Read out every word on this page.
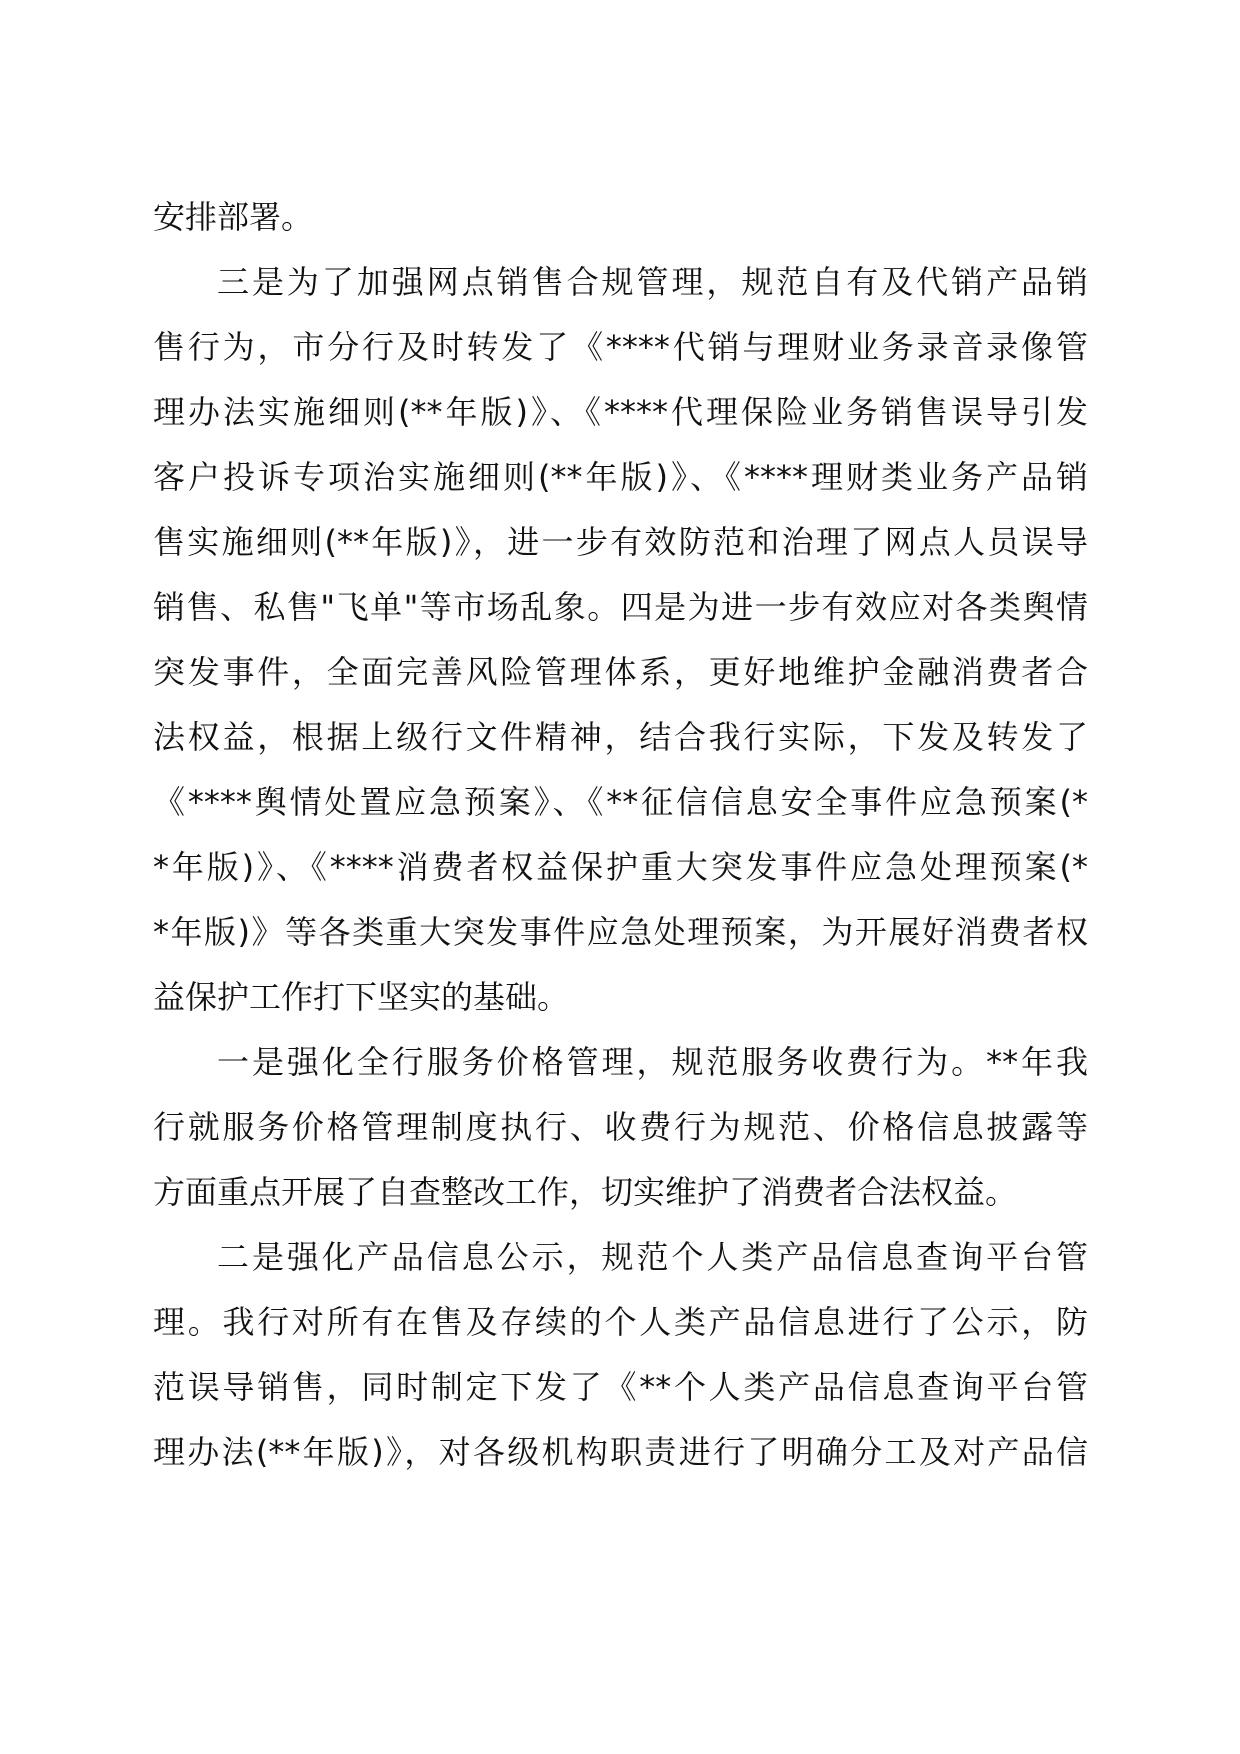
安排部署。
三是为了加强网点销售合规管理，规范自有及代销产品销
售行为，市分行及时转发了《****代销与理财业务录音录像管
理办法实施细则(**年版)》、《****代理保险业务销售误导引发
客户投诉专项治实施细则(**年版)》、《****理财类业务产品销
售实施细则(**年版)》，进一步有效防范和治理了网点人员误导
销售、私售"飞单"等市场乱象。四是为进一步有效应对各类舆情
突发事件，全面完善风险管理体系，更好地维护金融消费者合
法权益，根据上级行文件精神，结合我行实际，下发及转发了
《****舆情处置应急预案》、《**征信信息安全事件应急预案(*
*年版)》、《****消费者权益保护重大突发事件应急处理预案(*
*年版)》等各类重大突发事件应急处理预案，为开展好消费者权
益保护工作打下坚实的基础。
一是强化全行服务价格管理，规范服务收费行为。**年我
行就服务价格管理制度执行、收费行为规范、价格信息披露等
方面重点开展了自查整改工作，切实维护了消费者合法权益。
二是强化产品信息公示，规范个人类产品信息查询平台管
理。我行对所有在售及存续的个人类产品信息进行了公示，防
范误导销售，同时制定下发了《**个人类产品信息查询平台管
理办法(**年版)》，对各级机构职责进行了明确分工及对产品信
